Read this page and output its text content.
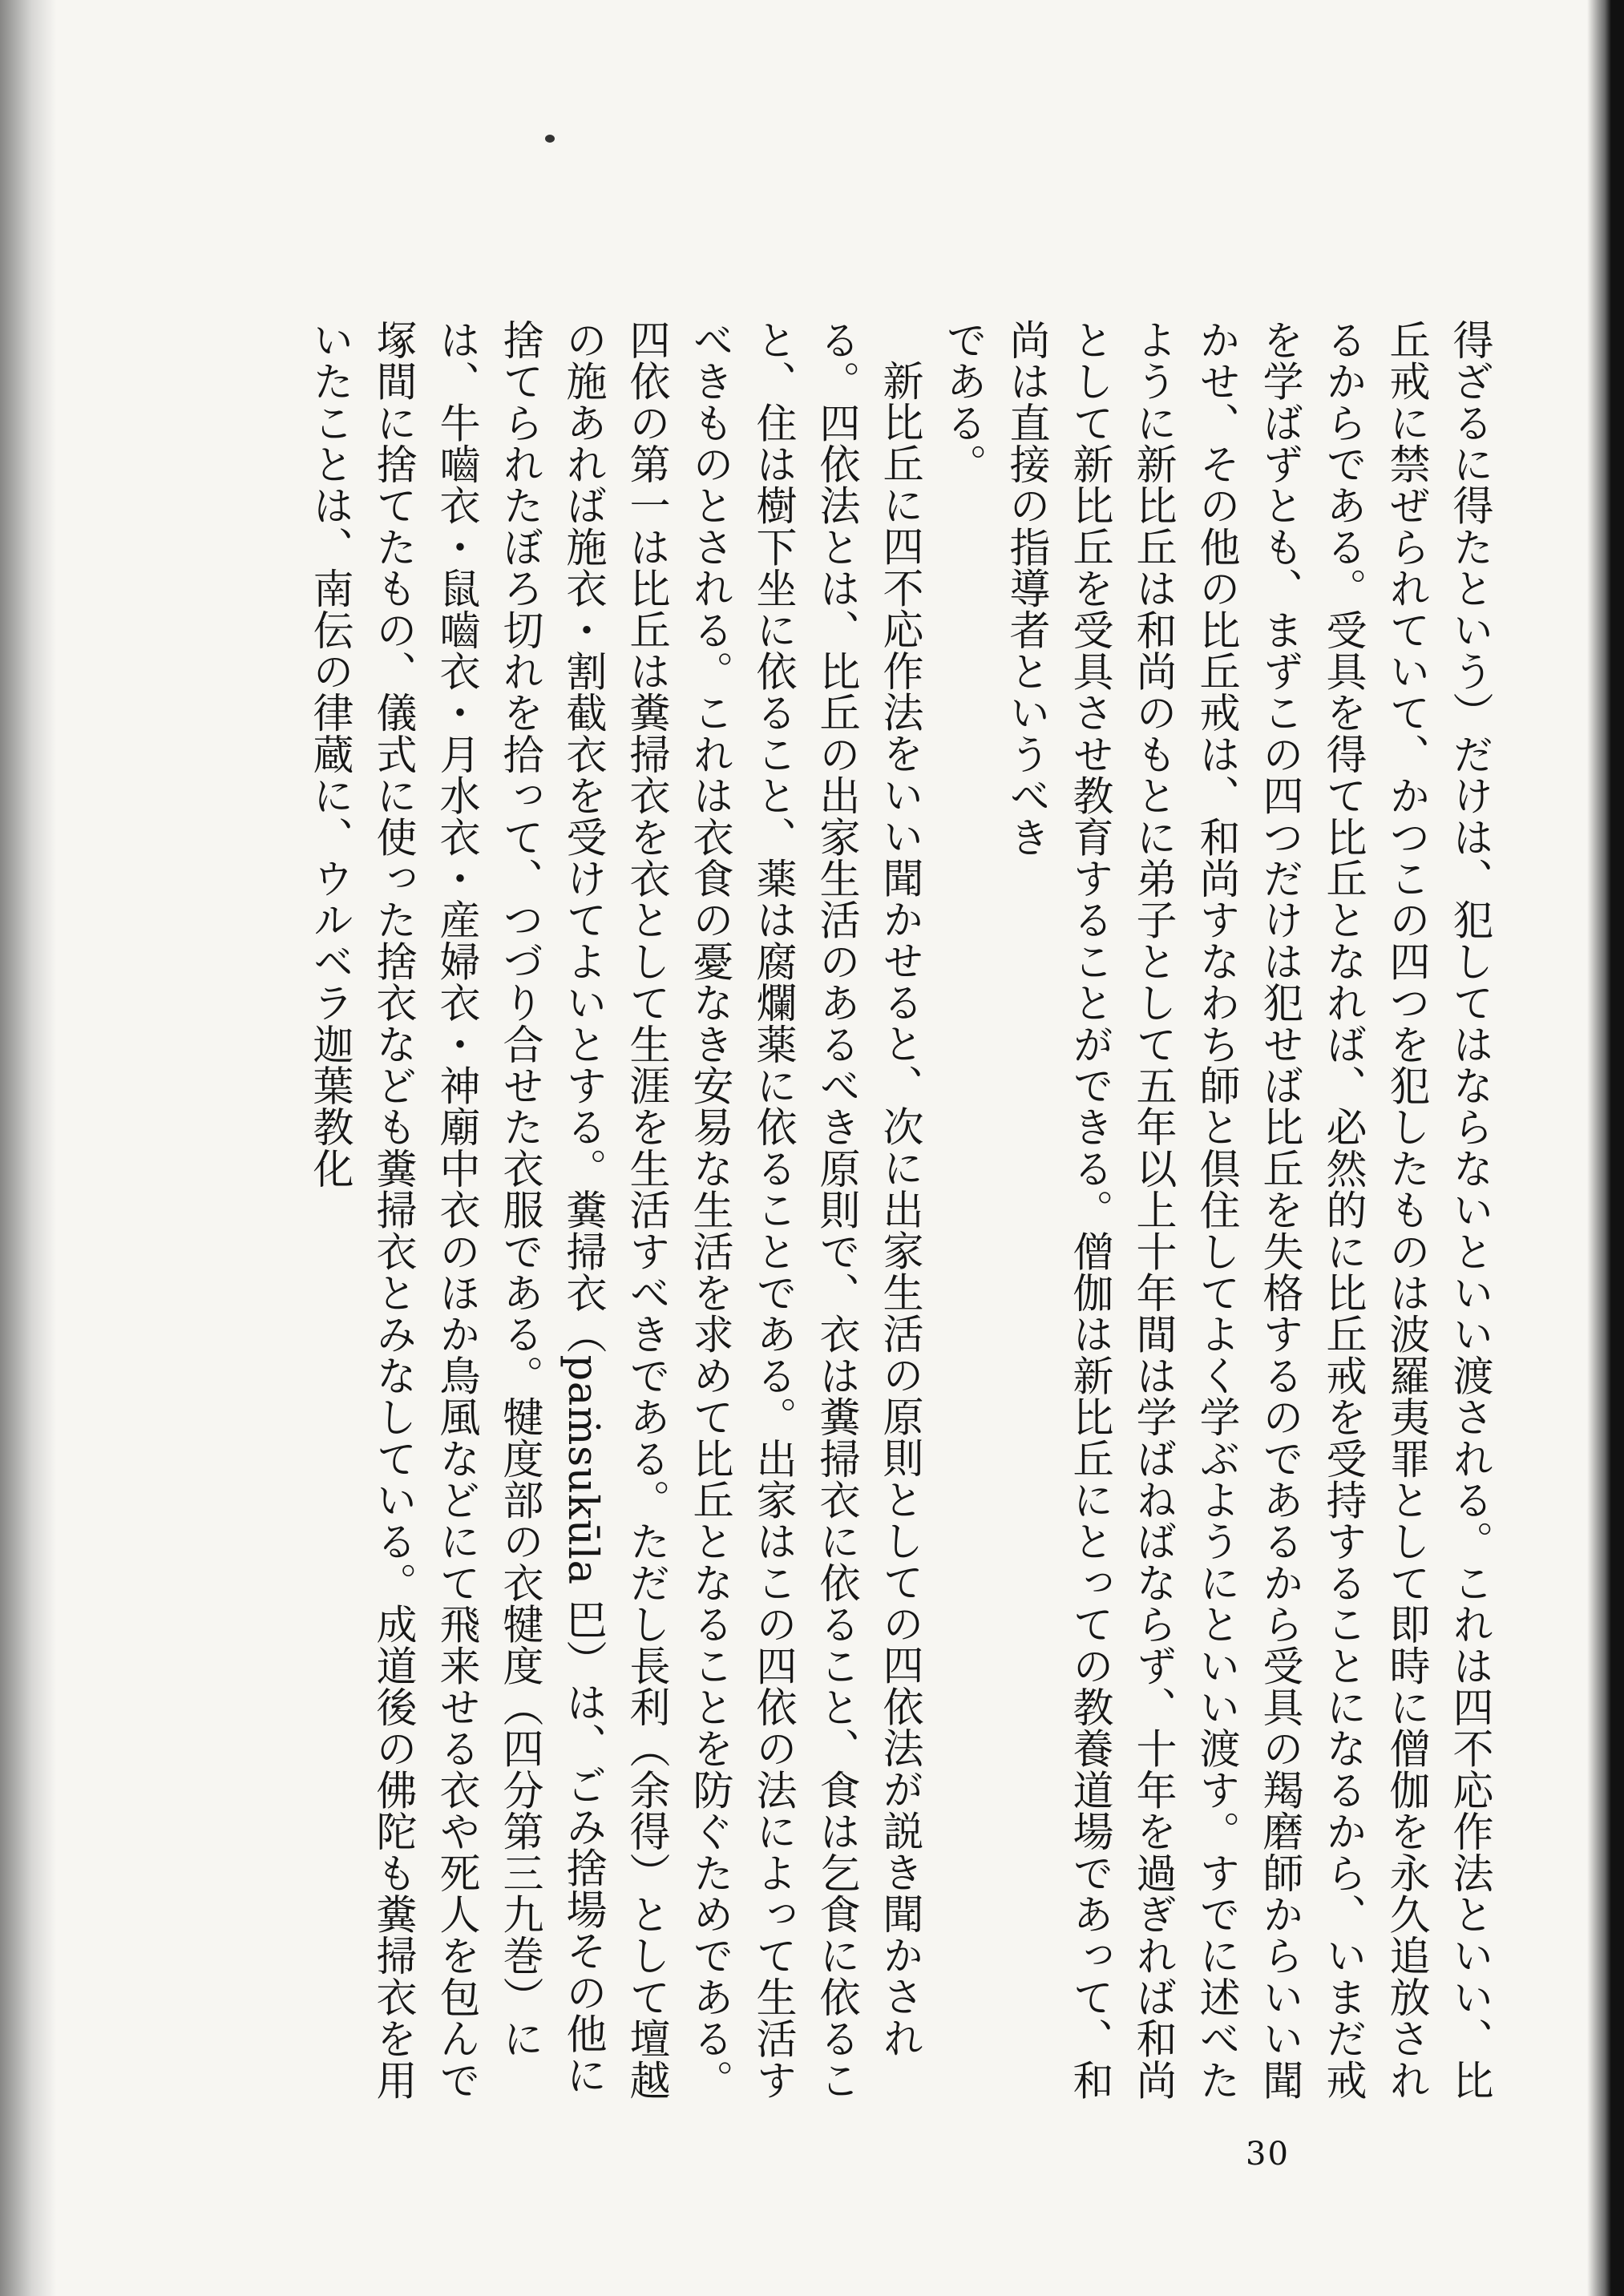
得ざるに得たという）だけは、犯してはならないといい渡される。これは四不応作法といい、比丘戒に禁ぜられていて、かつこの四つを犯したものは波羅夷罪として即時に僧伽を永久追放されるからである。受具を得て比丘となれば、必然的に比丘戒を受持することになるから、いまだ戒を学ばずとも、まずこの四つだけは犯せば比丘を失格するのであるから受具の羯磨師からいい聞かせ、その他の比丘戒は、和尚すなわち師と倶住してよく学ぶようにといい渡す。すでに述べたように新比丘は和尚のもとに弟子として五年以上十年間は学ばねばならず、十年を過ぎれば和尚として新比丘を受具させ教育することができる。僧伽は新比丘にとっての教養道場であって、和尚は直接の指導者というべき

である。

新比丘に四不応作法をいい聞かせると、次に出家生活の原則としての四依法が説き聞かされる。四依法とは、比丘の出家生活のあるべき原則で、衣は糞掃衣に依ること、食は乞食に依ること、住は樹下坐に依ること、薬は腐爛薬に依ることである。出家はこの四依の法によって生活すべきものとされる。これは衣食の憂なき安易な生活を求めて比丘となることを防ぐためである。四依の第一は比丘は糞掃衣を衣として生涯を生活すべきである。ただし長利（余得）として壇越の施あれば施衣・割截衣を受けてよいとする。糞掃衣（paṁsukūla 巴）は、ごみ捨場その他に捨てられたぼろ切れを拾って、つづり合せた衣服である。犍度部の衣犍度（四分第三九巻）には、牛嚙衣・鼠嚙衣・月水衣・産婦衣・神廟中衣のほか鳥風などにて飛来せる衣や死人を包んで塚間に捨てたもの、儀式に使った捨衣なども糞掃衣とみなしている。成道後の佛陀も糞掃衣を用いたことは、南伝の律蔵に、ウルベラ迦葉教化

30
